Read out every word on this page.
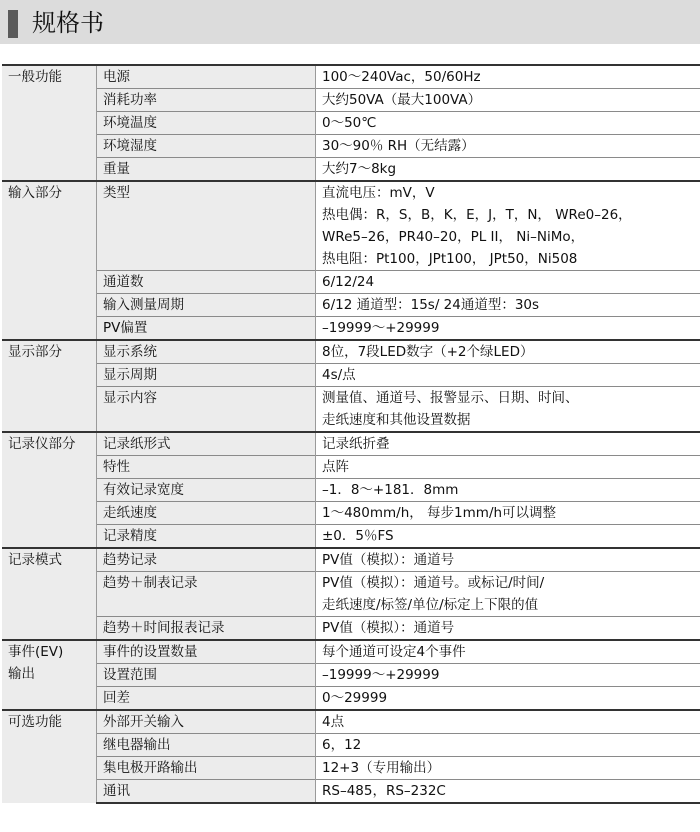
规格书
一般功能	电源	100～240Vac，50/60Hz

	消耗功率	大约50VA（最大100VA）

	环境温度	0～50℃

	环境湿度	30～90％ RH（无结露）

	重量	大约7～8kg

输入部分	类型	直流电压：mV，V
热电偶：R，S，B，K，E，J，T，N， WRe0–26，
WRe5–26，PR40–20，PL II， Ni–NiMo，
热电阻：Pt100，JPt100， JPt50，Ni508

	通道数	6/12/24

	输入测量周期	6/12 通道型：15s/ 24通道型：30s

	PV偏置	–19999～+29999

显示部分	显示系统	8位，7段LED数字（+2个绿LED）

	显示周期	4s/点

	显示内容	测量值、通道号、报警显示、日期、时间、
走纸速度和其他设置数据

记录仪部分	记录纸形式	记录纸折叠

	特性	点阵

	有效记录宽度	–1．8～+181．8mm

	走纸速度	1～480mm/h， 每步1mm/h可以调整

	记录精度	±0．5％FS

记录模式	趋势记录	PV值（模拟）：通道号

	趋势＋制表记录	PV值（模拟）：通道号。或标记/时间/
走纸速度/标签/单位/标定上下限的值

	趋势＋时间报表记录	PV值（模拟）：通道号

事件(EV)
输出	事件的设置数量	每个通道可设定4个事件

	设置范围	–19999～+29999

	回差	0～29999

可选功能	外部开关输入	4点

	继电器输出	6，12

	集电极开路输出	12+3（专用输出）

	通讯	RS–485，RS–232C
